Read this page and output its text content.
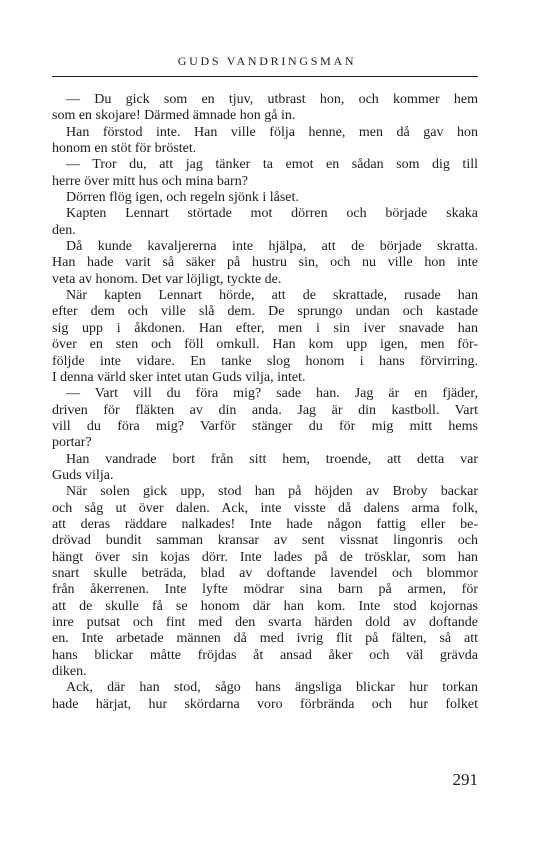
GUDS VANDRINGSMAN
— Du gick som en tjuv, utbrast hon, och kommer hem
som en skojare! Därmed ämnade hon gå in.
Han förstod inte. Han ville följa henne, men då gav hon
honom en stöt för bröstet.
— Tror du, att jag tänker ta emot en sådan som dig till
herre över mitt hus och mina barn?
Dörren flög igen, och regeln sjönk i låset.
Kapten Lennart störtade mot dörren och började skaka
den.
Då kunde kavaljererna inte hjälpa, att de började skratta.
Han hade varit så säker på hustru sin, och nu ville hon inte
veta av honom. Det var löjligt, tyckte de.
När kapten Lennart hörde, att de skrattade, rusade han
efter dem och ville slå dem. De sprungo undan och kastade
sig upp i åkdonen. Han efter, men i sin iver snavade han
över en sten och föll omkull. Han kom upp igen, men för-
följde inte vidare. En tanke slog honom i hans förvirring.
I denna värld sker intet utan Guds vilja, intet.
— Vart vill du föra mig? sade han. Jag är en fjäder,
driven för fläkten av din anda. Jag är din kastboll. Vart
vill du föra mig? Varför stänger du för mig mitt hems
portar?
Han vandrade bort från sitt hem, troende, att detta var
Guds vilja.
När solen gick upp, stod han på höjden av Broby backar
och såg ut över dalen. Ack, inte visste då dalens arma folk,
att deras räddare nalkades! Inte hade någon fattig eller be-
drövad bundit samman kransar av sent vissnat lingonris och
hängt över sin kojas dörr. Inte lades på de trösklar, som han
snart skulle beträda, blad av doftande lavendel och blommor
från åkerrenen. Inte lyfte mödrar sina barn på armen, för
att de skulle få se honom där han kom. Inte stod kojornas
inre putsat och fint med den svarta härden dold av doftande
en. Inte arbetade männen då med ivrig flit på fälten, så att
hans blickar måtte fröjdas åt ansad åker och väl grävda
diken.
Ack, där han stod, sågo hans ängsliga blickar hur torkan
hade härjat, hur skördarna voro förbrända och hur folket
291
